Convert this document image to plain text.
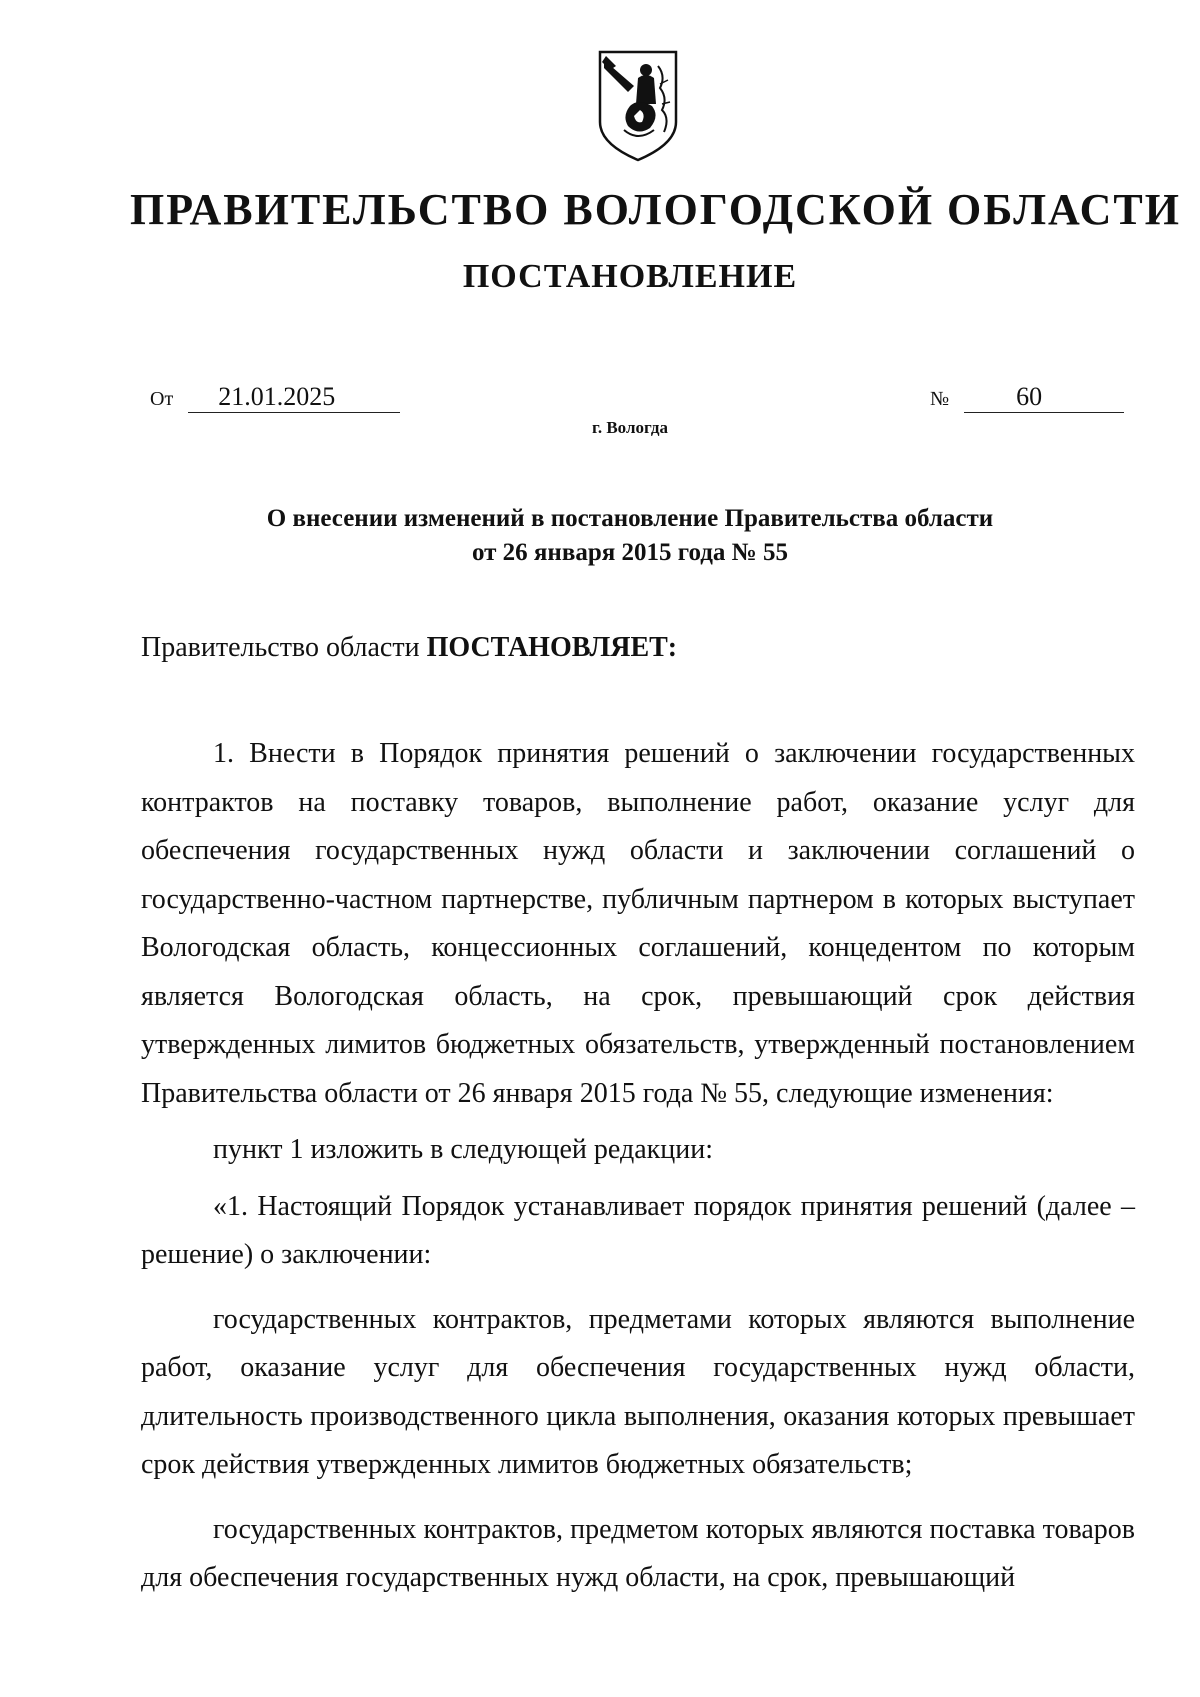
ПРАВИТЕЛЬСТВО ВОЛОГОДСКОЙ ОБЛАСТИ
ПОСТАНОВЛЕНИЕ
От 21.01.2025	№	60
г. Вологда
О внесении изменений в постановление Правительства области
от 26 января 2015 года № 55
Правительство области ПОСТАНОВЛЯЕТ:

1. Внести в Порядок принятия решений о заключении государственных контрактов на поставку товаров, выполнение работ, оказание услуг для обеспечения государственных нужд области и заключении соглашений о государственно-частном партнерстве, публичным партнером в которых выступает Вологодская область, концессионных соглашений, концедентом по которым является Вологодская область, на срок, превышающий срок действия утвержденных лимитов бюджетных обязательств, утвержденный постановлением Правительства области от 26 января 2015 года № 55, следующие изменения:

пункт 1 изложить в следующей редакции:

«1. Настоящий Порядок устанавливает порядок принятия решений (далее – решение) о заключении:

государственных контрактов, предметами которых являются выполнение работ, оказание услуг для обеспечения государственных нужд области, длительность производственного цикла выполнения, оказания которых превышает срок действия утвержденных лимитов бюджетных обязательств;

государственных контрактов, предметом которых являются поставка товаров для обеспечения государственных нужд области, на срок, превышающий
